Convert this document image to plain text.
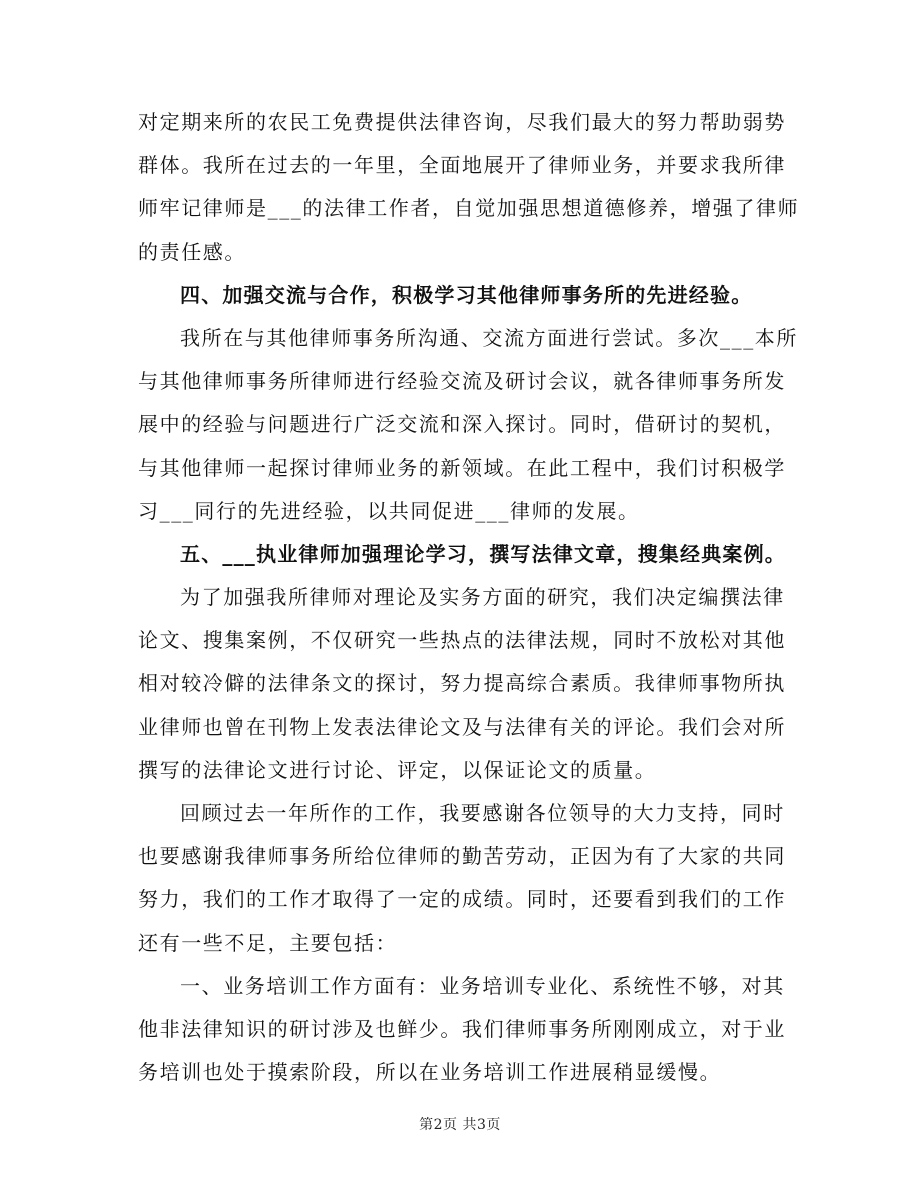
对定期来所的农民工免费提供法律咨询，尽我们最大的努力帮助弱势
群体。我所在过去的一年里，全面地展开了律师业务，并要求我所律
师牢记律师是___的法律工作者，自觉加强思想道德修养，增强了律师
的责任感。
四、加强交流与合作，积极学习其他律师事务所的先进经验。
我所在与其他律师事务所沟通、交流方面进行尝试。多次___本所
与其他律师事务所律师进行经验交流及研讨会议，就各律师事务所发
展中的经验与问题进行广泛交流和深入探讨。同时，借研讨的契机，
与其他律师一起探讨律师业务的新领域。在此工程中，我们讨积极学
习___同行的先进经验，以共同促进___律师的发展。
五、___执业律师加强理论学习，撰写法律文章，搜集经典案例。
为了加强我所律师对理论及实务方面的研究，我们决定编撰法律
论文、搜集案例，不仅研究一些热点的法律法规，同时不放松对其他
相对较冷僻的法律条文的探讨，努力提高综合素质。我律师事物所执
业律师也曾在刊物上发表法律论文及与法律有关的评论。我们会对所
撰写的法律论文进行讨论、评定，以保证论文的质量。
回顾过去一年所作的工作，我要感谢各位领导的大力支持，同时
也要感谢我律师事务所给位律师的勤苦劳动，正因为有了大家的共同
努力，我们的工作才取得了一定的成绩。同时，还要看到我们的工作
还有一些不足，主要包括：
一、业务培训工作方面有：业务培训专业化、系统性不够，对其
他非法律知识的研讨涉及也鲜少。我们律师事务所刚刚成立，对于业
务培训也处于摸索阶段，所以在业务培训工作进展稍显缓慢。
第2页 共3页
